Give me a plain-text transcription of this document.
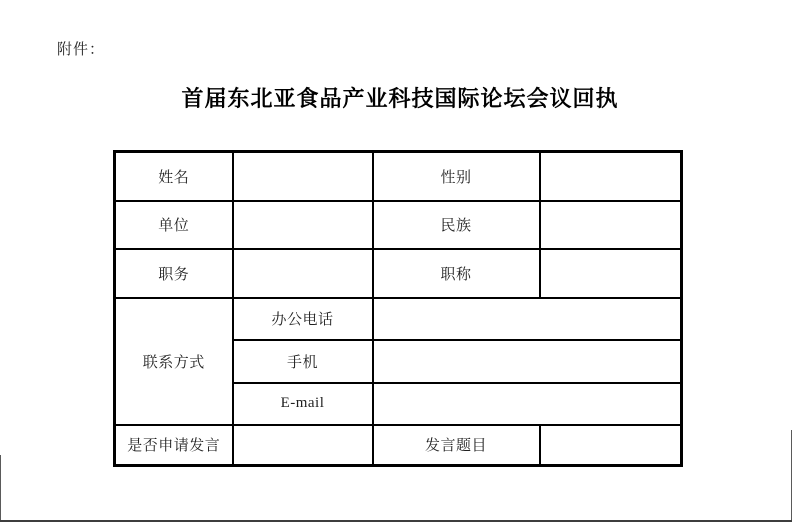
附件：
首届东北亚食品产业科技国际论坛会议回执
姓名		性别	
单位		民族	
职务		职称	
联系方式	办公电话		
	手机		
	E-mail		
是否申请发言		发言题目	
